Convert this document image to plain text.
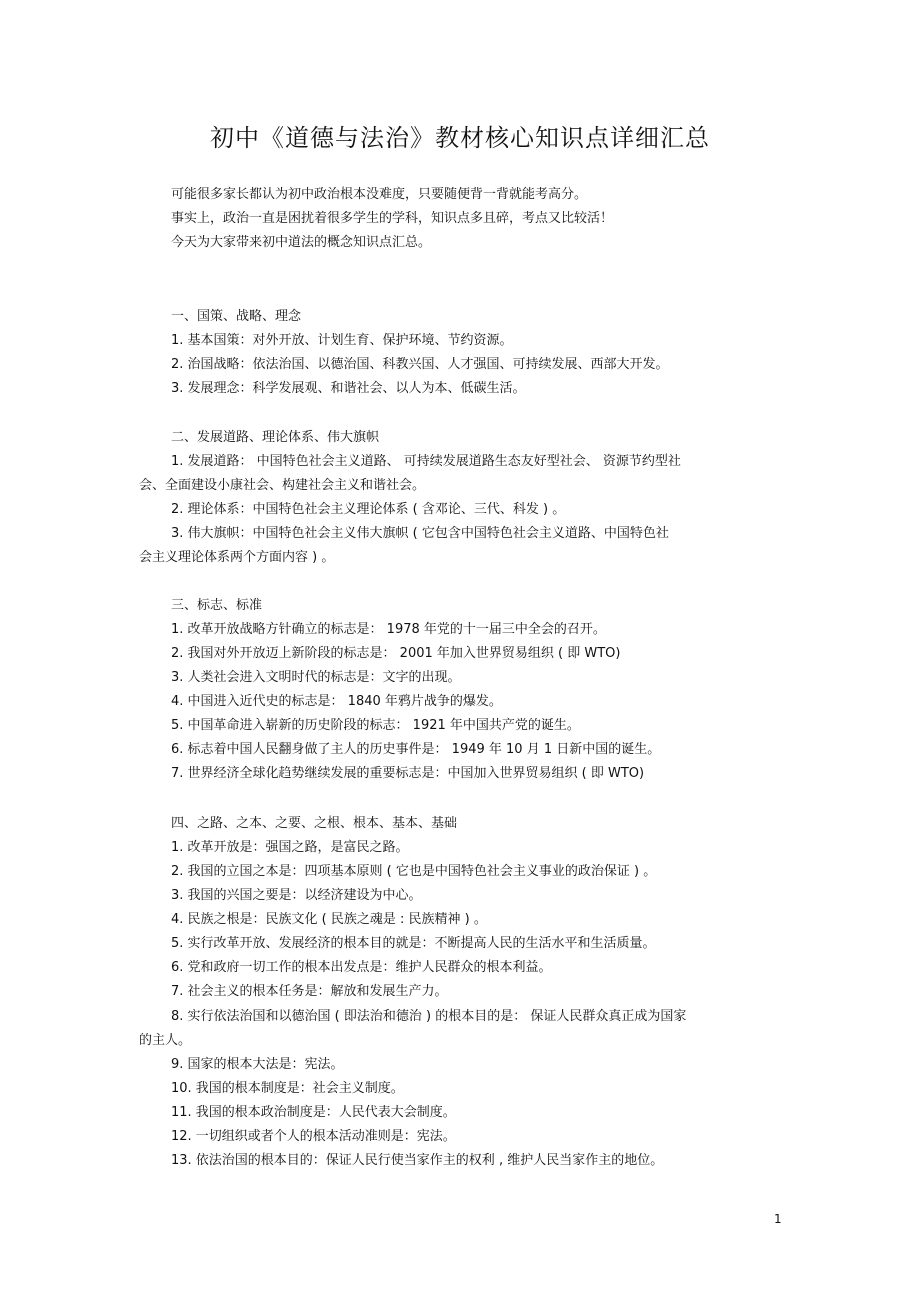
初中《道德与法治》教材核心知识点详细汇总
可能很多家长都认为初中政治根本没难度，只要随便背一背就能考高分。
事实上，政治一直是困扰着很多学生的学科，知识点多且碎，考点又比较活！
今天为大家带来初中道法的概念知识点汇总。
一、国策、战略、理念
1. 基本国策：对外开放、计划生育、保护环境、节约资源。
2. 治国战略：依法治国、以德治国、科教兴国、人才强国、可持续发展、西部大开发。
3. 发展理念：科学发展观、和谐社会、以人为本、低碳生活。
二、发展道路、理论体系、伟大旗帜
1. 发展道路： 中国特色社会主义道路、 可持续发展道路生态友好型社会、 资源节约型社
会、全面建设小康社会、构建社会主义和谐社会。
2. 理论体系：中国特色社会主义理论体系 ( 含邓论、三代、科发 ) 。
3. 伟大旗帜：中国特色社会主义伟大旗帜 ( 它包含中国特色社会主义道路、中国特色社
会主义理论体系两个方面内容 ) 。
三、标志、标准
1. 改革开放战略方针确立的标志是： 1978 年党的十一届三中全会的召开。
2. 我国对外开放迈上新阶段的标志是： 2001 年加入世界贸易组织 ( 即 WTO)
3. 人类社会进入文明时代的标志是：文字的出现。
4. 中国进入近代史的标志是： 1840 年鸦片战争的爆发。
5. 中国革命进入崭新的历史阶段的标志： 1921 年中国共产党的诞生。
6. 标志着中国人民翻身做了主人的历史事件是： 1949 年 10 月 1 日新中国的诞生。
7. 世界经济全球化趋势继续发展的重要标志是：中国加入世界贸易组织 ( 即 WTO)
四、之路、之本、之要、之根、根本、基本、基础
1. 改革开放是：强国之路，是富民之路。
2. 我国的立国之本是：四项基本原则 ( 它也是中国特色社会主义事业的政治保证 ) 。
3. 我国的兴国之要是：以经济建设为中心。
4. 民族之根是：民族文化 ( 民族之魂是 : 民族精神 ) 。
5. 实行改革开放、发展经济的根本目的就是：不断提高人民的生活水平和生活质量。
6. 党和政府一切工作的根本出发点是：维护人民群众的根本利益。
7. 社会主义的根本任务是：解放和发展生产力。
8. 实行依法治国和以德治国 ( 即法治和德治 ) 的根本目的是： 保证人民群众真正成为国家
的主人。
9. 国家的根本大法是：宪法。
10. 我国的根本制度是：社会主义制度。
11. 我国的根本政治制度是：人民代表大会制度。
12. 一切组织或者个人的根本活动准则是：宪法。
13. 依法治国的根本目的：保证人民行使当家作主的权利 , 维护人民当家作主的地位。
1
